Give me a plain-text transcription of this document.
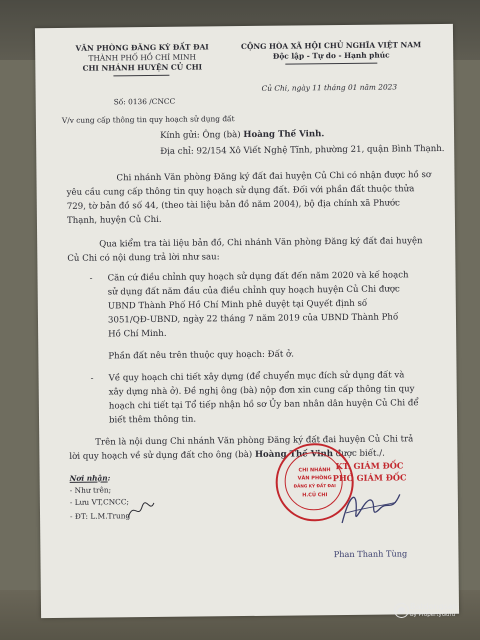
VĂN PHÒNG ĐĂNG KÝ ĐẤT ĐAI
THÀNH PHỐ HỒ CHÍ MINH
CHI NHÁNH HUYỆN CỦ CHI
Số: 0136 /CNCC
CỘNG HÒA XÃ HỘI CHỦ NGHĨA VIỆT NAM
Độc lập - Tự do - Hạnh phúc
Củ Chi, ngày 11 tháng 01 năm 2023
V/v cung cấp thông tin quy hoạch sử dụng đất
Kính gửi: Ông (bà) Hoàng Thế Vinh.
Địa chỉ: 92/154 Xô Viết Nghệ Tĩnh, phường 21, quận Bình Thạnh.
Chi nhánh Văn phòng Đăng ký đất đai huyện Củ Chi có nhận được hồ sơ
yêu cầu cung cấp thông tin quy hoạch sử dụng đất. Đối với phần đất thuộc thửa
729, tờ bản đồ số 44, (theo tài liệu bản đồ năm 2004), bộ địa chính xã Phước
Thạnh, huyện Củ Chi.
Qua kiểm tra tài liệu bản đồ, Chi nhánh Văn phòng Đăng ký đất đai huyện
Củ Chi có nội dung trả lời như sau:
- Căn cứ điều chỉnh quy hoạch sử dụng đất đến năm 2020 và kế hoạch
sử dụng đất năm đầu của điều chỉnh quy hoạch huyện Củ Chi được
UBND Thành Phố Hồ Chí Minh phê duyệt tại Quyết định số
3051/QĐ-UBND, ngày 22 tháng 7 năm 2019 của UBND Thành Phố
Hồ Chí Minh.
Phần đất nêu trên thuộc quy hoạch: Đất ở.
- Về quy hoạch chi tiết xây dựng (để chuyển mục đích sử dụng đất và
xây dựng nhà ở). Đề nghị ông (bà) nộp đơn xin cung cấp thông tin quy
hoạch chi tiết tại Tổ tiếp nhận hồ sơ Ủy ban nhân dân huyện Củ Chi để
biết thêm thông tin.
Trên là nội dung Chi nhánh Văn phòng Đăng ký đất đai huyện Củ Chi trả
lời quy hoạch về sử dụng đất cho ông (bà) Hoàng Thế Vinh được biết./.
Nơi nhận:
- Như trên;
- Lưu VT,CNCC;
- ĐT: L.M.Trung
KT. GIÁM ĐỐC
PHÓ GIÁM ĐỐC
CHI NHÁNH
VĂN PHÒNG
ĐĂNG KÝ ĐẤT ĐAI
H.CỦ CHI
Phan Thanh Tùng
Batdongsan
by PropertyGuru
